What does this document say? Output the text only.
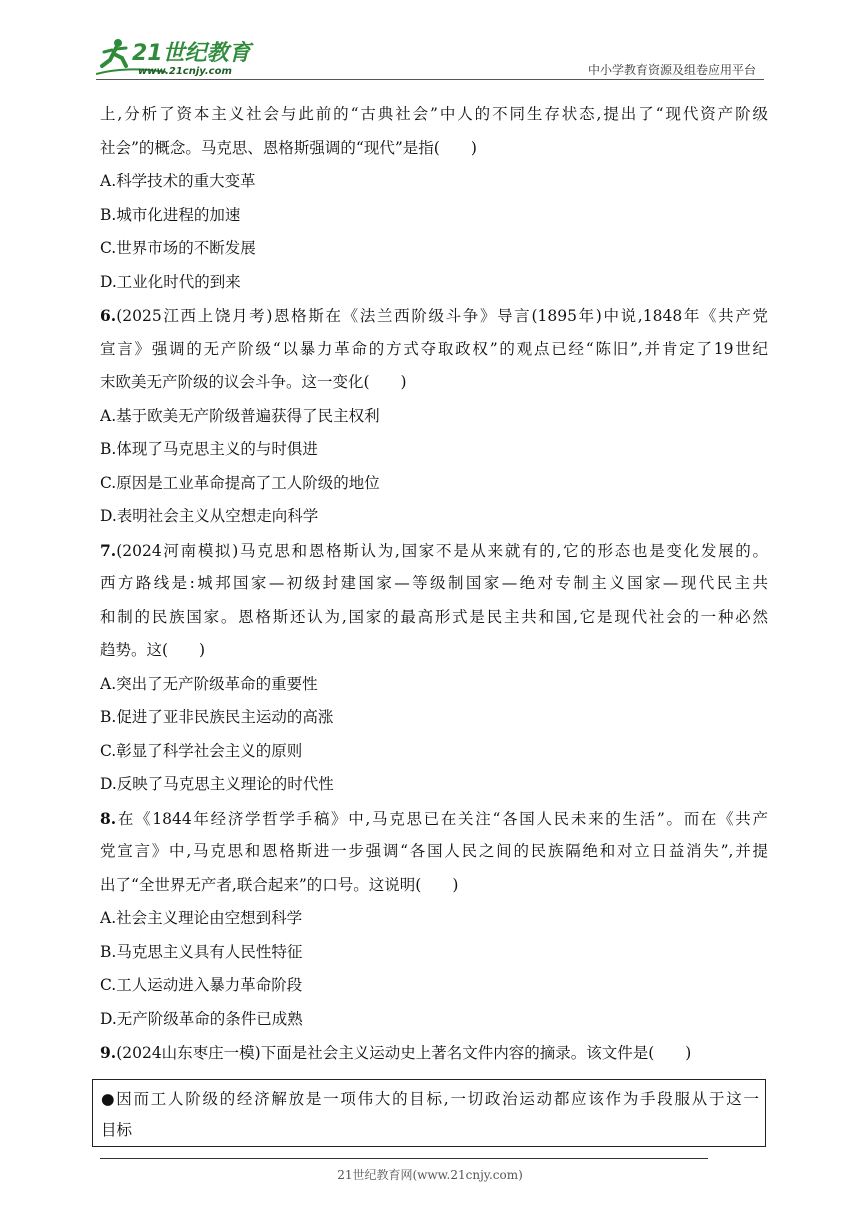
21世纪教育
www.21cnjy.com	中小学教育资源及组卷应用平台
上,分析了资本主义社会与此前的“古典社会”中人的不同生存状态,提出了“现代资产阶级
社会”的概念。马克思、恩格斯强调的“现代”是指(　　)
A.科学技术的重大变革
B.城市化进程的加速
C.世界市场的不断发展
D.工业化时代的到来
6.(2025江西上饶月考)恩格斯在《法兰西阶级斗争》导言(1895年)中说,1848年《共产党
宣言》强调的无产阶级“以暴力革命的方式夺取政权”的观点已经“陈旧”,并肯定了19世纪
末欧美无产阶级的议会斗争。这一变化(　　)
A.基于欧美无产阶级普遍获得了民主权利
B.体现了马克思主义的与时俱进
C.原因是工业革命提高了工人阶级的地位
D.表明社会主义从空想走向科学
7.(2024河南模拟)马克思和恩格斯认为,国家不是从来就有的,它的形态也是变化发展的。
西方路线是:城邦国家—初级封建国家—等级制国家—绝对专制主义国家—现代民主共
和制的民族国家。恩格斯还认为,国家的最高形式是民主共和国,它是现代社会的一种必然
趋势。这(　　)
A.突出了无产阶级革命的重要性
B.促进了亚非民族民主运动的高涨
C.彰显了科学社会主义的原则
D.反映了马克思主义理论的时代性
8.在《1844年经济学哲学手稿》中,马克思已在关注“各国人民未来的生活”。而在《共产
党宣言》中,马克思和恩格斯进一步强调“各国人民之间的民族隔绝和对立日益消失”,并提
出了“全世界无产者,联合起来”的口号。这说明(　　)
A.社会主义理论由空想到科学
B.马克思主义具有人民性特征
C.工人运动进入暴力革命阶段
D.无产阶级革命的条件已成熟
9.(2024山东枣庄一模)下面是社会主义运动史上著名文件内容的摘录。该文件是(　　)
●因而工人阶级的经济解放是一项伟大的目标,一切政治运动都应该作为手段服从于这一
目标
21世纪教育网(www.21cnjy.com)
